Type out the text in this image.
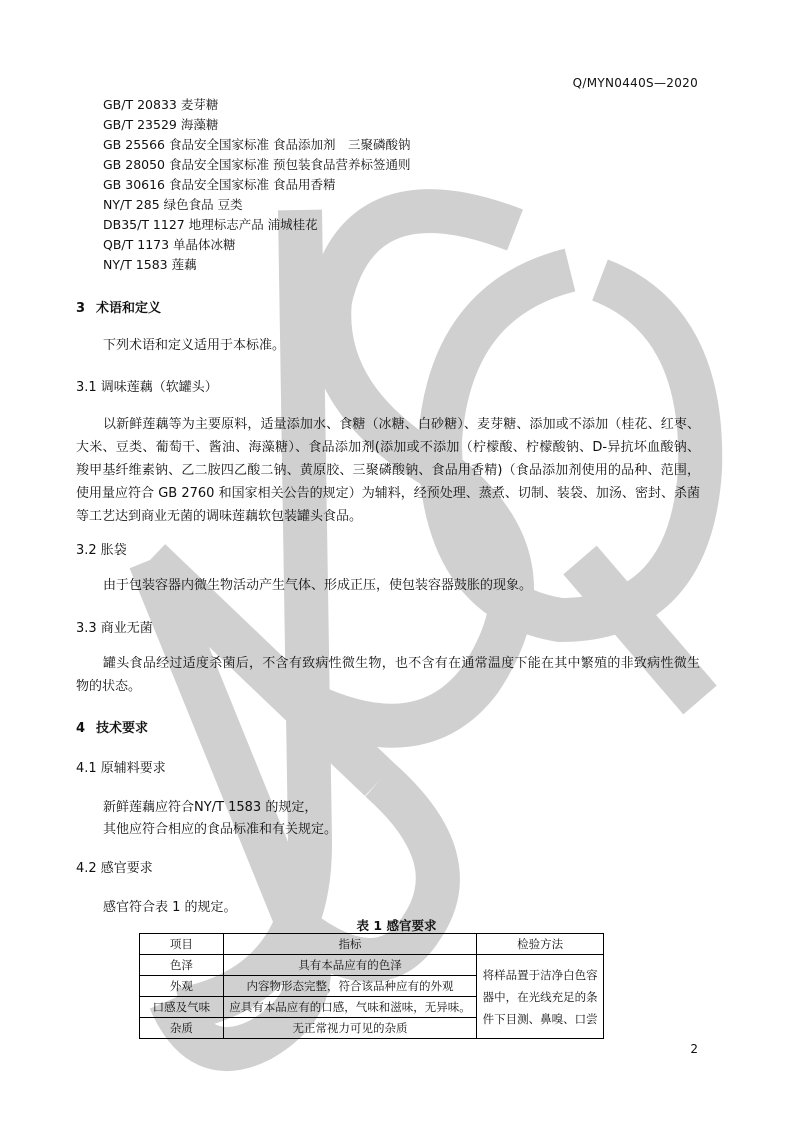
Q/MYN0440S—2020
GB/T 20833 麦芽糖
GB/T 23529 海藻糖
GB 25566 食品安全国家标准 食品添加剂　三聚磷酸钠
GB 28050 食品安全国家标准 预包装食品营养标签通则
GB 30616 食品安全国家标准 食品用香精
NY/T 285 绿色食品 豆类
DB35/T 1127 地理标志产品 浦城桂花
QB/T 1173 单晶体冰糖
NY/T 1583 莲藕
3 术语和定义
下列术语和定义适用于本标准。
3.1 调味莲藕（软罐头）
以新鲜莲藕等为主要原料，适量添加水、食糖（冰糖、白砂糖）、麦芽糖、添加或不添加（桂花、红枣、大米、豆类、葡萄干、酱油、海藻糖）、食品添加剂(添加或不添加（柠檬酸、柠檬酸钠、D-异抗坏血酸钠、羧甲基纤维素钠、乙二胺四乙酸二钠、黄原胶、三聚磷酸钠、食品用香精)（食品添加剂使用的品种、范围，使用量应符合 GB 2760 和国家相关公告的规定）为辅料，经预处理、蒸煮、切制、装袋、加汤、密封、杀菌等工艺达到商业无菌的调味莲藕软包装罐头食品。
3.2 胀袋
由于包装容器内微生物活动产生气体、形成正压，使包装容器鼓胀的现象。
3.3 商业无菌
罐头食品经过适度杀菌后，不含有致病性微生物，也不含有在通常温度下能在其中繁殖的非致病性微生物的状态。
4 技术要求
4.1 原辅料要求
新鲜莲藕应符合NY/T 1583 的规定，
其他应符合相应的食品标准和有关规定。
4.2 感官要求
感官符合表 1 的规定。
表 1 感官要求
项目	指标	检验方法
色泽	具有本品应有的色泽	将样品置于洁净白色容器中，在光线充足的条件下目测、鼻嗅、口尝
外观	内容物形态完整，符合该品种应有的外观	
口感及气味	应具有本品应有的口感，气味和滋味，无异味。	
杂质	无正常视力可见的杂质	
2
